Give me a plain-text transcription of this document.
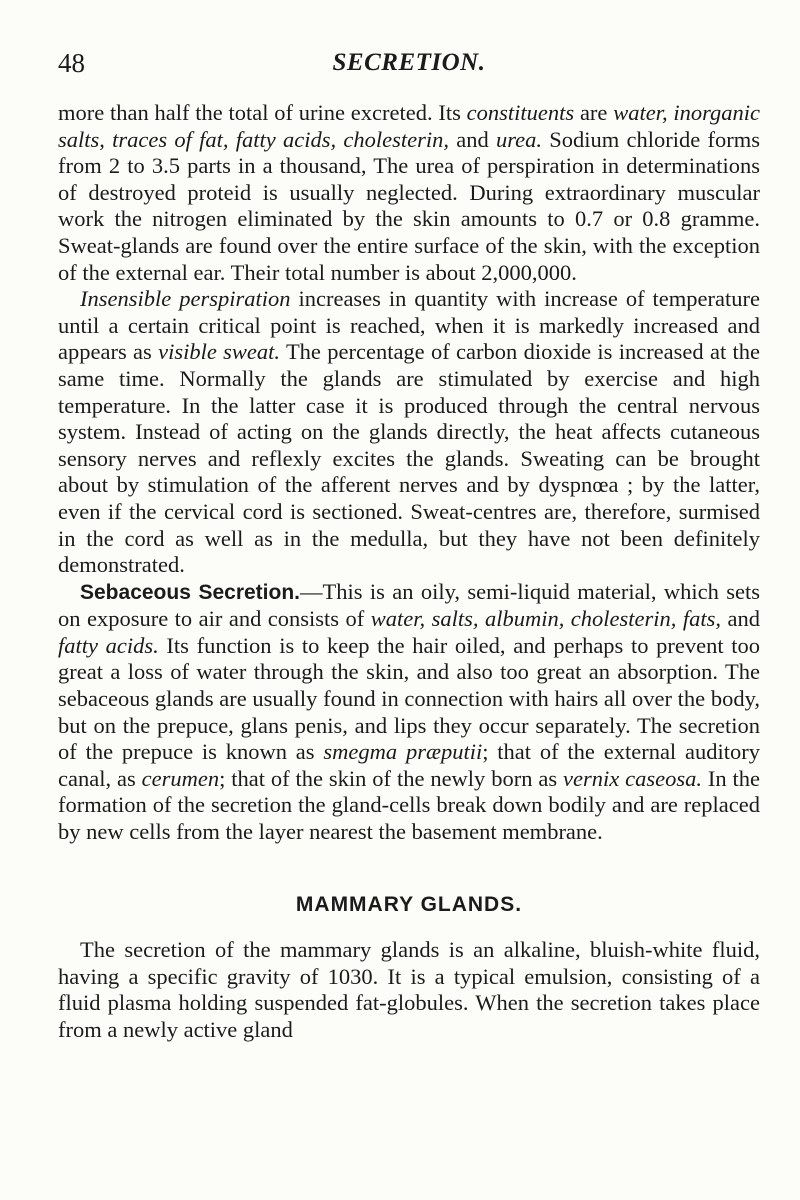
48	SECRETION.

more than half the total of urine excreted. Its constituents are water, inorganic salts, traces of fat, fatty acids, cholesterin, and urea. Sodium chloride forms from 2 to 3.5 parts in a thousand, The urea of perspiration in determinations of destroyed proteid is usually neglected. During extraordinary muscular work the nitrogen eliminated by the skin amounts to 0.7 or 0.8 gramme. Sweat-glands are found over the entire surface of the skin, with the exception of the external ear. Their total number is about 2,000,000.

Insensible perspiration increases in quantity with increase of temperature until a certain critical point is reached, when it is markedly increased and appears as visible sweat. The percentage of carbon dioxide is increased at the same time. Normally the glands are stimulated by exercise and high temperature. In the latter case it is produced through the central nervous system. Instead of acting on the glands directly, the heat affects cutaneous sensory nerves and reflexly excites the glands. Sweating can be brought about by stimulation of the afferent nerves and by dyspnœa ; by the latter, even if the cervical cord is sectioned. Sweat-centres are, therefore, surmised in the cord as well as in the medulla, but they have not been definitely demonstrated.

Sebaceous Secretion.—This is an oily, semi-liquid material, which sets on exposure to air and consists of water, salts, albumin, cholesterin, fats, and fatty acids. Its function is to keep the hair oiled, and perhaps to prevent too great a loss of water through the skin, and also too great an absorption. The sebaceous glands are usually found in connection with hairs all over the body, but on the prepuce, glans penis, and lips they occur separately. The secretion of the prepuce is known as smegma præputii; that of the external auditory canal, as cerumen; that of the skin of the newly born as vernix caseosa. In the formation of the secretion the gland-cells break down bodily and are replaced by new cells from the layer nearest the basement membrane.

MAMMARY GLANDS.

The secretion of the mammary glands is an alkaline, bluish-white fluid, having a specific gravity of 1030. It is a typical emulsion, consisting of a fluid plasma holding suspended fat-globules. When the secretion takes place from a newly active gland
